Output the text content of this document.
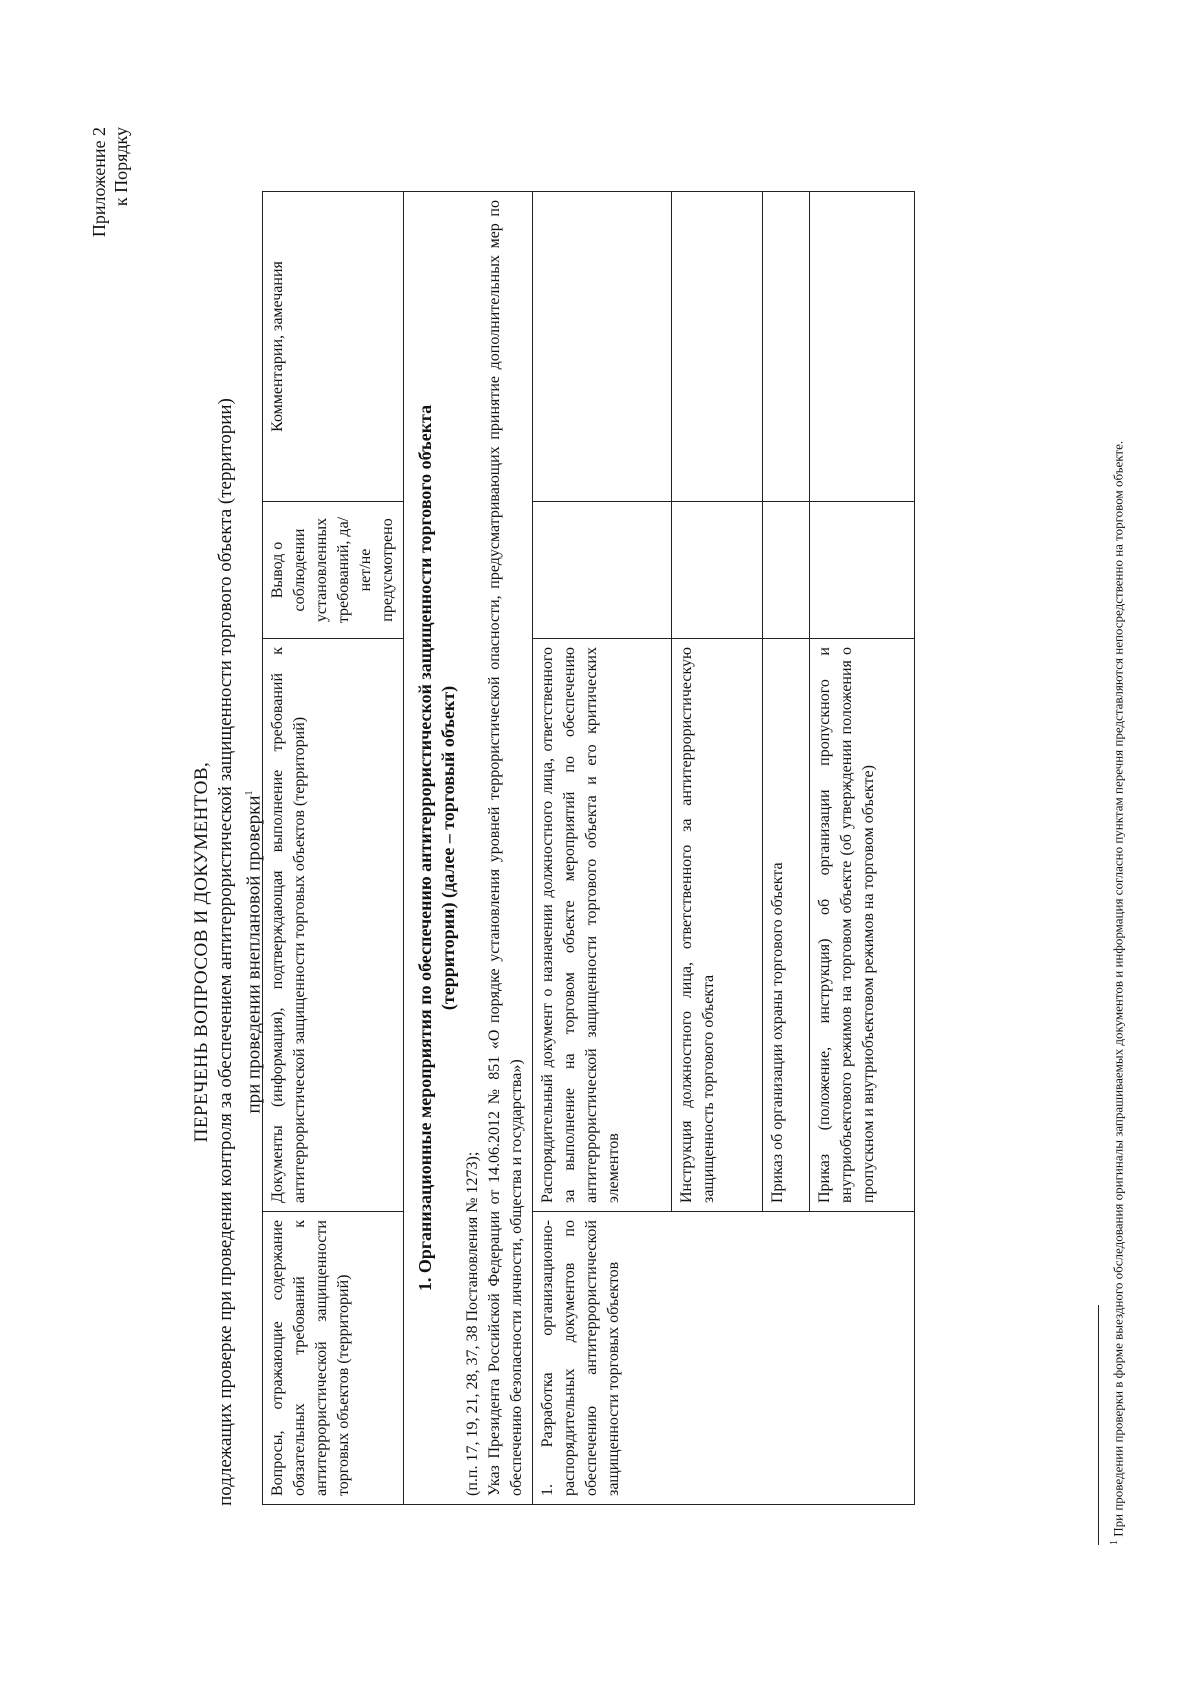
Приложение 2 к Порядку
ПЕРЕЧЕНЬ ВОПРОСОВ И ДОКУМЕНТОВ, подлежащих проверке при проведении контроля за обеспечением антитеррористической защищенности торгового объекта (территории) при проведении внеплановой проверки$^1$
Вопросы, отражающие содержание обязательных требований к антитеррористической защищенности торговых объектов (территорий)	Документы (информация), подтверждающая выполнение требований к антитеррористической защищенности торговых объектов (территорий)	Вывод о соблюдении установленных требований, да/нет/не предусмотрено	Комментарии, замечания

1. Организационные мероприятия по обеспечению антитеррористической защищенности торгового объекта (территории) (далее – торговый объект)
(п.п. 17, 19, 21, 28, 37, 38 Постановления № 1273); Указ Президента Российской Федерации от 14.06.2012 № 851 «О порядке установления уровней террористической опасности, предусматривающих принятие дополнительных мер по обеспечению безопасности личности, общества и государства»)			

1. Разработка организационно-распорядительных документов по обеспечению антитеррористической защищенности торговых объектов	Распорядительный документ о назначении должностного лица, ответственного за выполнение на торговом объекте мероприятий по обеспечению антитеррористической защищенности торгового объекта и его критических элементов		
	Инструкция должностного лица, ответственного за антитеррористическую защищенность торгового объекта		
	Приказ об организации охраны торгового объекта		
	Приказ (положение, инструкция) об организации пропускного и внутриобъектового режимов на торговом объекте (об утверждении положения о пропускном и внутриобъектовом режимов на торговом объекте)		
$^1$ При проведении проверки в форме выездного обследования оригиналы запрашиваемых документов и информация согласно пунктам перечня представляются непосредственно на торговом объекте.
